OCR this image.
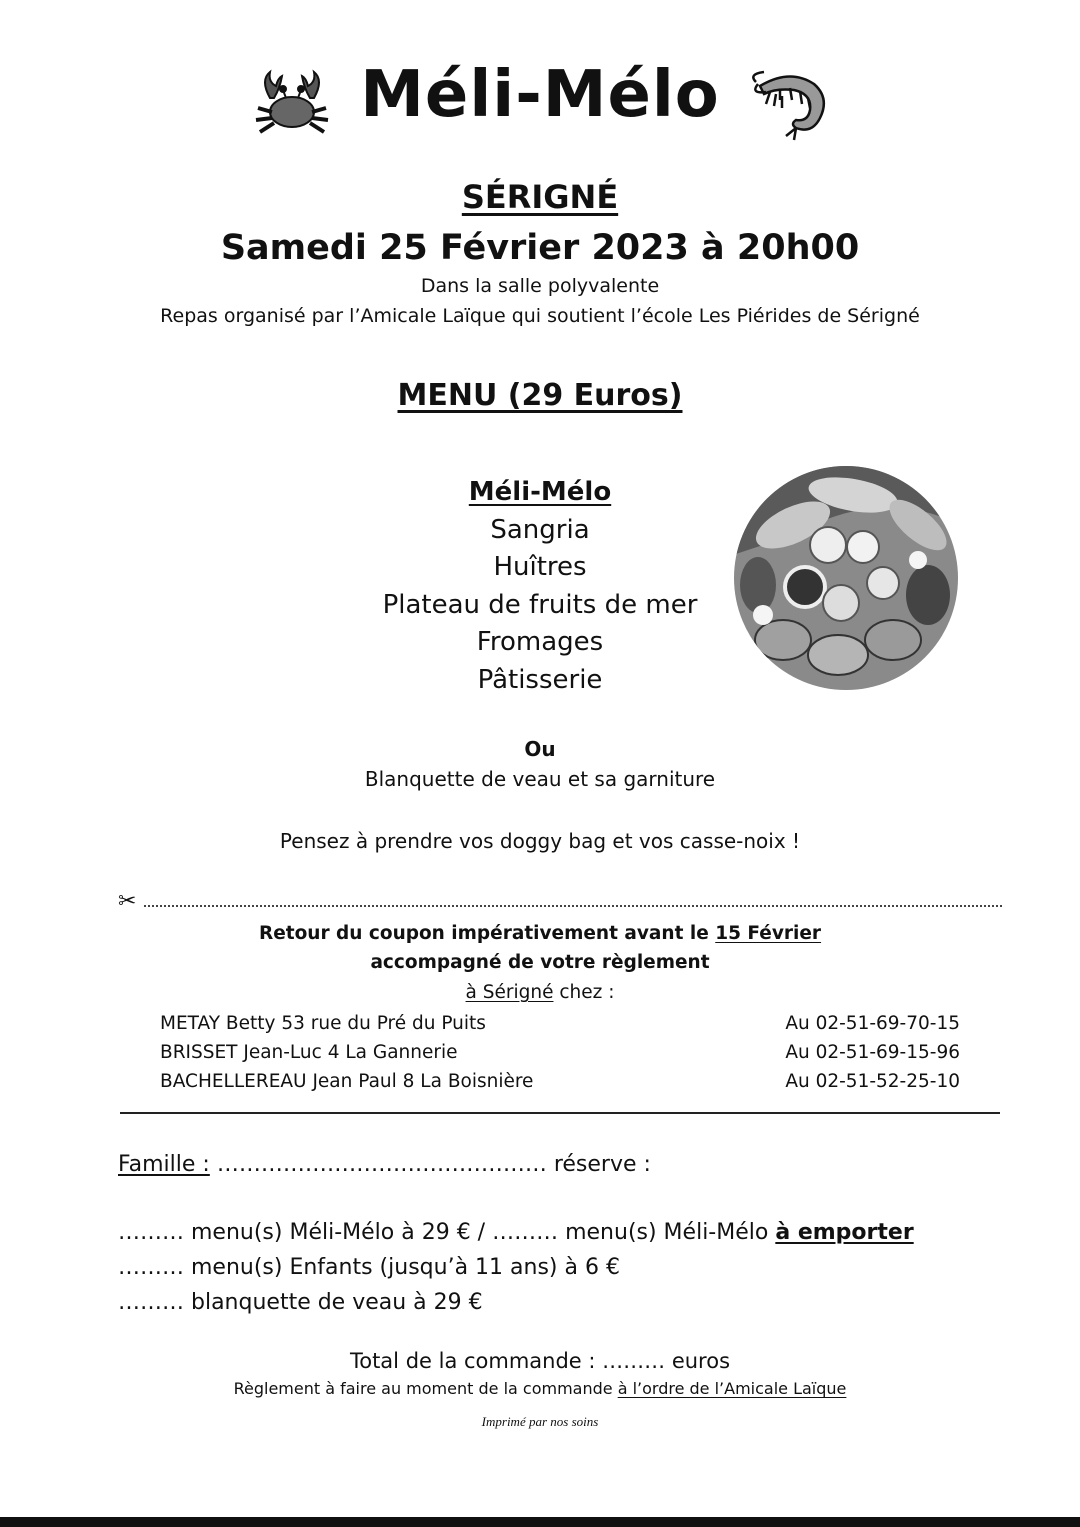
Méli-Mélo
SÉRIGNÉ
Samedi 25 Février 2023 à 20h00
Dans la salle polyvalente
Repas organisé par l’Amicale Laïque qui soutient l’école Les Piérides de Sérigné
MENU (29 Euros)
Méli-Mélo
Sangria
Huîtres
Plateau de fruits de mer
Fromages
Pâtisserie
Ou
Blanquette de veau et sa garniture
Pensez à prendre vos doggy bag et vos casse-noix !
✂
Retour du coupon impérativement avant le 15 Février
accompagné de votre règlement
à Sérigné chez :
METAY Betty 53 rue du Pré du Puits	Au 02-51-69-70-15
BRISSET Jean-Luc 4 La Gannerie	Au 02-51-69-15-96
BACHELLEREAU Jean Paul 8 La Boisnière	Au 02-51-52-25-10
Famille : ……………………………………… réserve :
……… menu(s) Méli-Mélo à 29 € / ……… menu(s) Méli-Mélo à emporter
……… menu(s) Enfants (jusqu’à 11 ans) à 6 €
……… blanquette de veau à 29 €
Total de la commande : ……… euros
Règlement à faire au moment de la commande à l’ordre de l’Amicale Laïque
Imprimé par nos soins
